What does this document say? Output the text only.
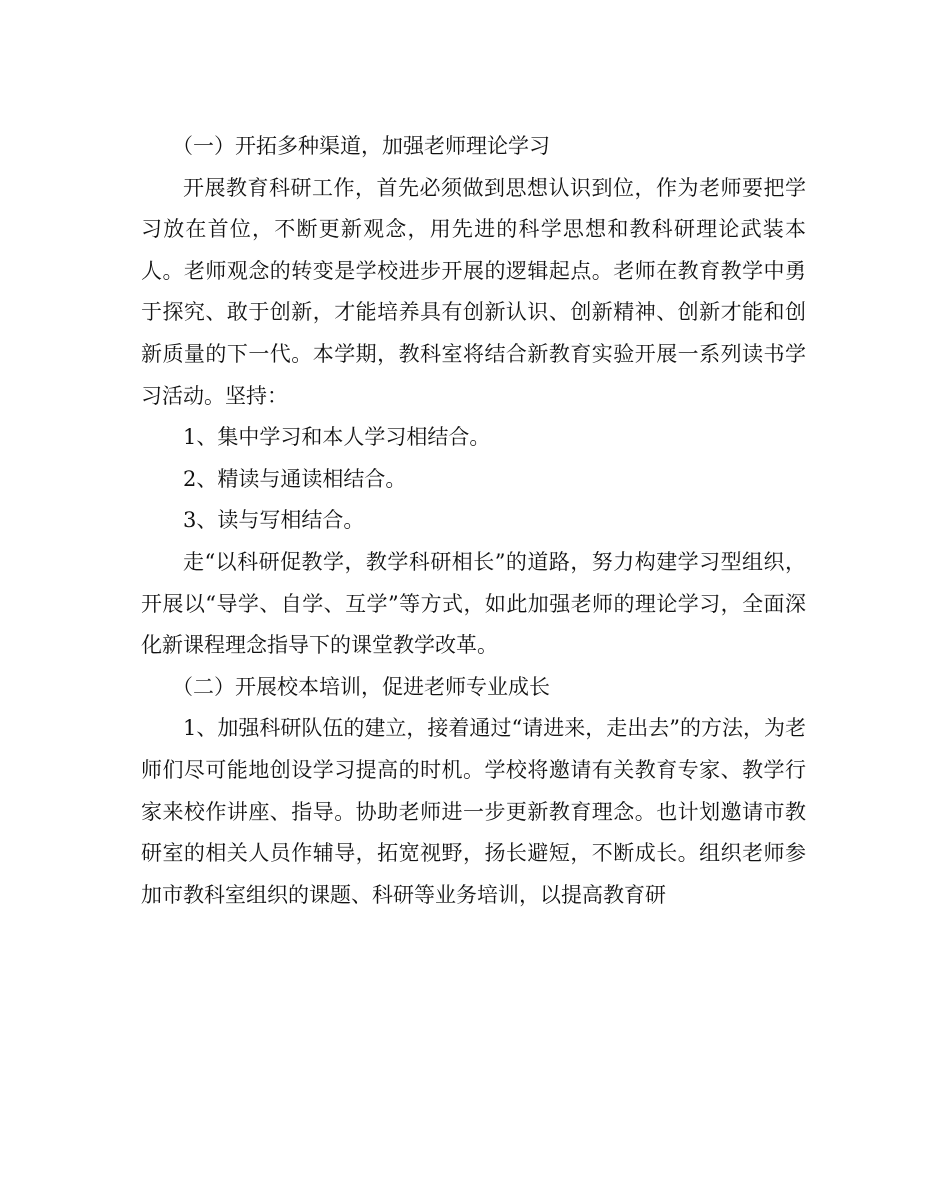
（一）开拓多种渠道，加强老师理论学习

开展教育科研工作，首先必须做到思想认识到位，作为老师要把学习放在首位，不断更新观念，用先进的科学思想和教科研理论武装本人。老师观念的转变是学校进步开展的逻辑起点。老师在教育教学中勇于探究、敢于创新，才能培养具有创新认识、创新精神、创新才能和创新质量的下一代。本学期，教科室将结合新教育实验开展一系列读书学习活动。坚持：

1、集中学习和本人学习相结合。

2、精读与通读相结合。

3、读与写相结合。

走“以科研促教学，教学科研相长”的道路，努力构建学习型组织，开展以“导学、自学、互学”等方式，如此加强老师的理论学习，全面深化新课程理念指导下的课堂教学改革。

（二）开展校本培训，促进老师专业成长

1、加强科研队伍的建立，接着通过“请进来，走出去”的方法，为老师们尽可能地创设学习提高的时机。学校将邀请有关教育专家、教学行家来校作讲座、指导。协助老师进一步更新教育理念。也计划邀请市教研室的相关人员作辅导，拓宽视野，扬长避短，不断成长。组织老师参加市教科室组织的课题、科研等业务培训，以提高教育研
